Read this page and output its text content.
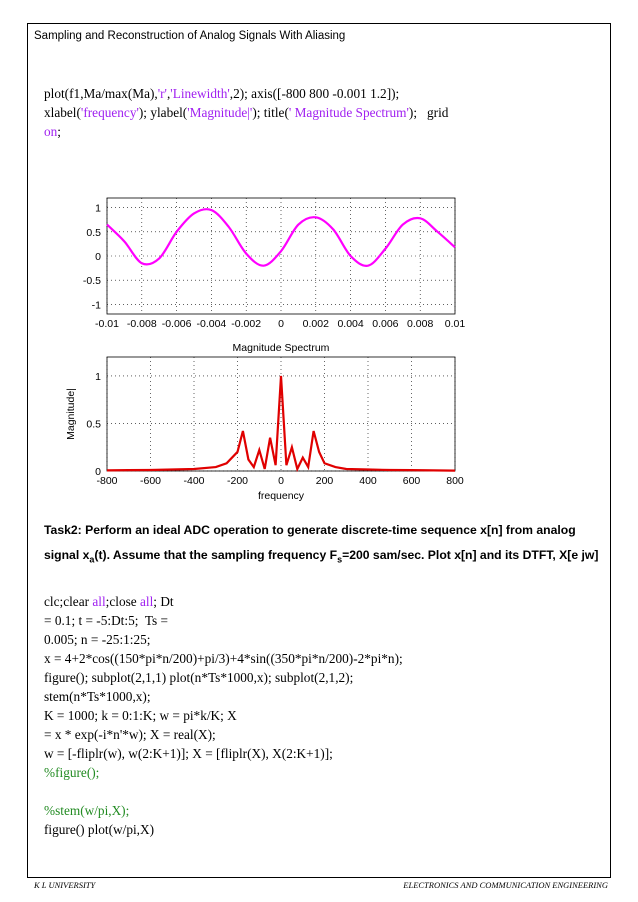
Sampling and Reconstruction of Analog Signals With Aliasing
plot(f1,Ma/max(Ma),'r','Linewidth',2); axis([-800 800 -0.001 1.2]);
xlabel('frequency'); ylabel('Magnitude|'); title(' Magnitude Spectrum');   grid
on;
-0.01 -0.008 -0.006 -0.004 -0.002 0 0.002 0.004 0.006 0.008 0.01
1
0.5
0
-0.5
-1
-800 -600 -400 -200	0	200 400 600 800
1
0.5
0
Magnitude Spectrum
frequency
Magnitude|
Task2: Perform an ideal ADC operation to generate discrete-time sequence x[n] from analog
signal $x_a(t)$. Assume that the sampling frequency $F_s=200$ sam/sec. Plot x[n] and its DTFT, X[e jw]
clc;clear all;close all; Dt
= 0.1; t = -5:Dt:5;  Ts =
0.005; n = -25:1:25;
x = 4+2*cos((150*pi*n/200)+pi/3)+4*sin((350*pi*n/200)-2*pi*n);
figure(); subplot(2,1,1) plot(n*Ts*1000,x); subplot(2,1,2);
stem(n*Ts*1000,x);
K = 1000; k = 0:1:K; w = pi*k/K; X
= x * exp(-i*n'*w); X = real(X);
w = [-fliplr(w), w(2:K+1)]; X = [fliplr(X), X(2:K+1)];
%figure();
%stem(w/pi,X);
figure() plot(w/pi,X)
K L UNIVERSITY	ELECTRONICS AND COMMUNICATION ENGINEERING
